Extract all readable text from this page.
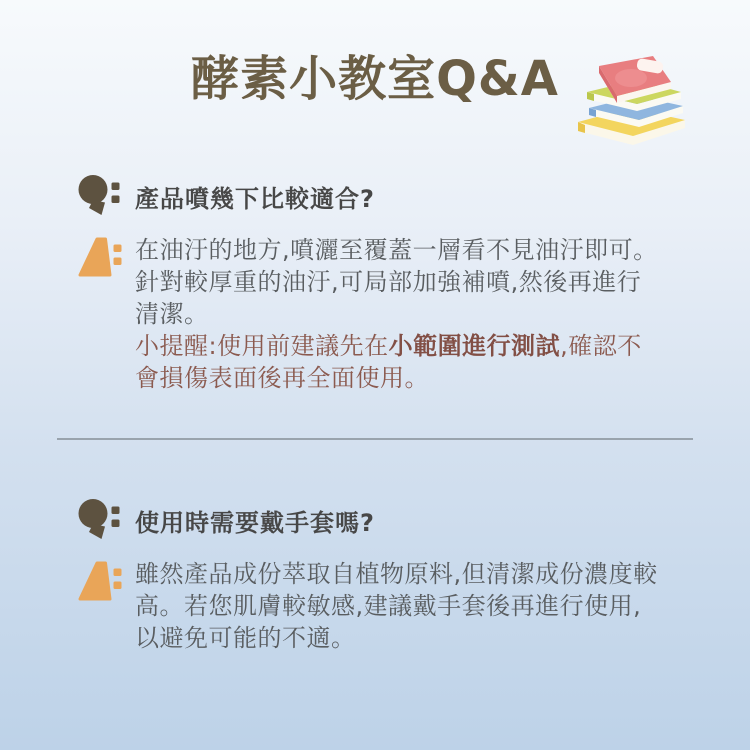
酵素小教室Q&A
產品噴幾下比較適合?
在油汙的地方,噴灑至覆蓋一層看不見油汙即可。
針對較厚重的油汙,可局部加強補噴,然後再進行
清潔。
小提醒:使用前建議先在小範圍進行測試,確認不
會損傷表面後再全面使用。
使用時需要戴手套嗎?
雖然產品成份萃取自植物原料,但清潔成份濃度較
高。若您肌膚較敏感,建議戴手套後再進行使用,
以避免可能的不適。
